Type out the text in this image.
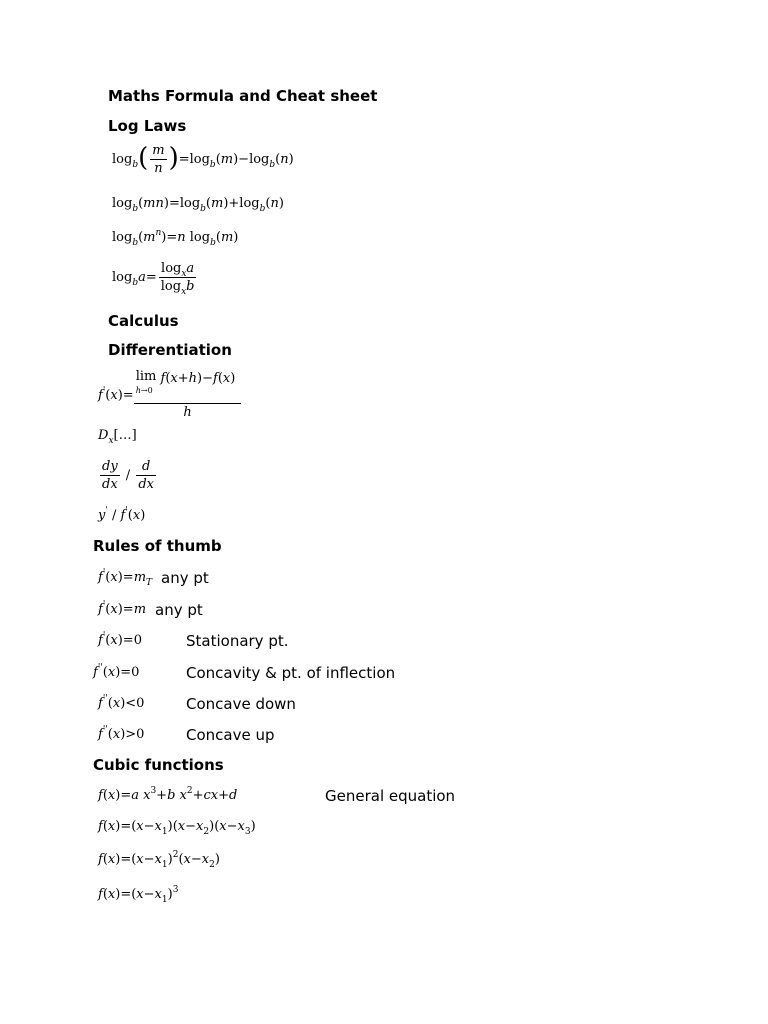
Maths Formula and Cheat sheet
Log Laws
$\log_b( \frac{m}{n} )=\log_b(m)-\log_b(n)$
$\log_b(mn)=\log_b(m)+\log_b(n)$
$\log_b(m^n)=n$ $\log_b(m)$
$\log_ba= \frac{\log_xa}{\log_xb}$
Calculus
Differentiation
f'(x)= lim
h→0
f(x+h)−f(x)
h
$D_x[\dots]$
$\frac{dy}{dx} / \frac{d}{dx}$
y' / f'(x)
Rules of thumb
$f'(x)=m_T$ any pt
f'(x)=m any pt
f'(x)=0	Stationary pt.
f''(x)=0	Concavity & pt. of inflection
f''(x)<0	Concave down
f''(x)>0	Concave up
Cubic functions
f(x)=a $x^3+b$ $x^2+cx+d$	General equation
$f(x)=(x-x_1)(x-x_2)(x-x_3)$
$f(x)=(x-x_1)^2(x-x_2)$
$f(x)=(x-x_1)^3$
